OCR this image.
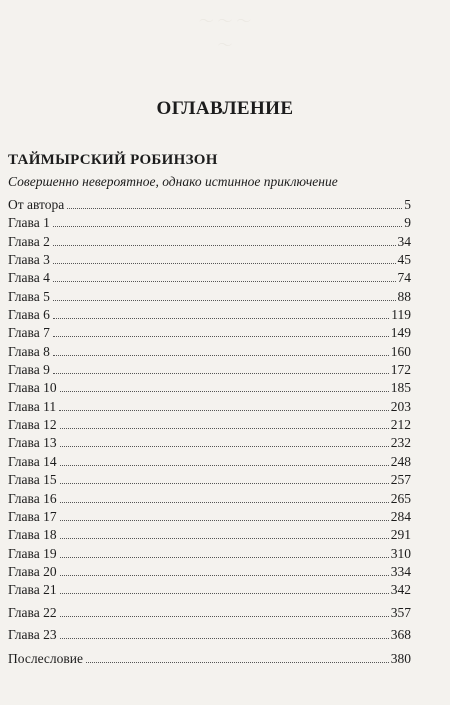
～ ～ ～
～
ОГЛАВЛЕНИЕ
ТАЙМЫРСКИЙ РОБИНЗОН
Совершенно невероятное, однако истинное приключение
От автора	5
Глава 1	9
Глава 2	34
Глава 3	45
Глава 4	74
Глава 5	88
Глава 6	119
Глава 7	149
Глава 8	160
Глава 9	172
Глава 10	185
Глава 11	203
Глава 12	212
Глава 13	232
Глава 14	248
Глава 15	257
Глава 16	265
Глава 17	284
Глава 18	291
Глава 19	310
Глава 20	334
Глава 21	342
Глава 22	357
Глава 23	368
Послесловие	380
